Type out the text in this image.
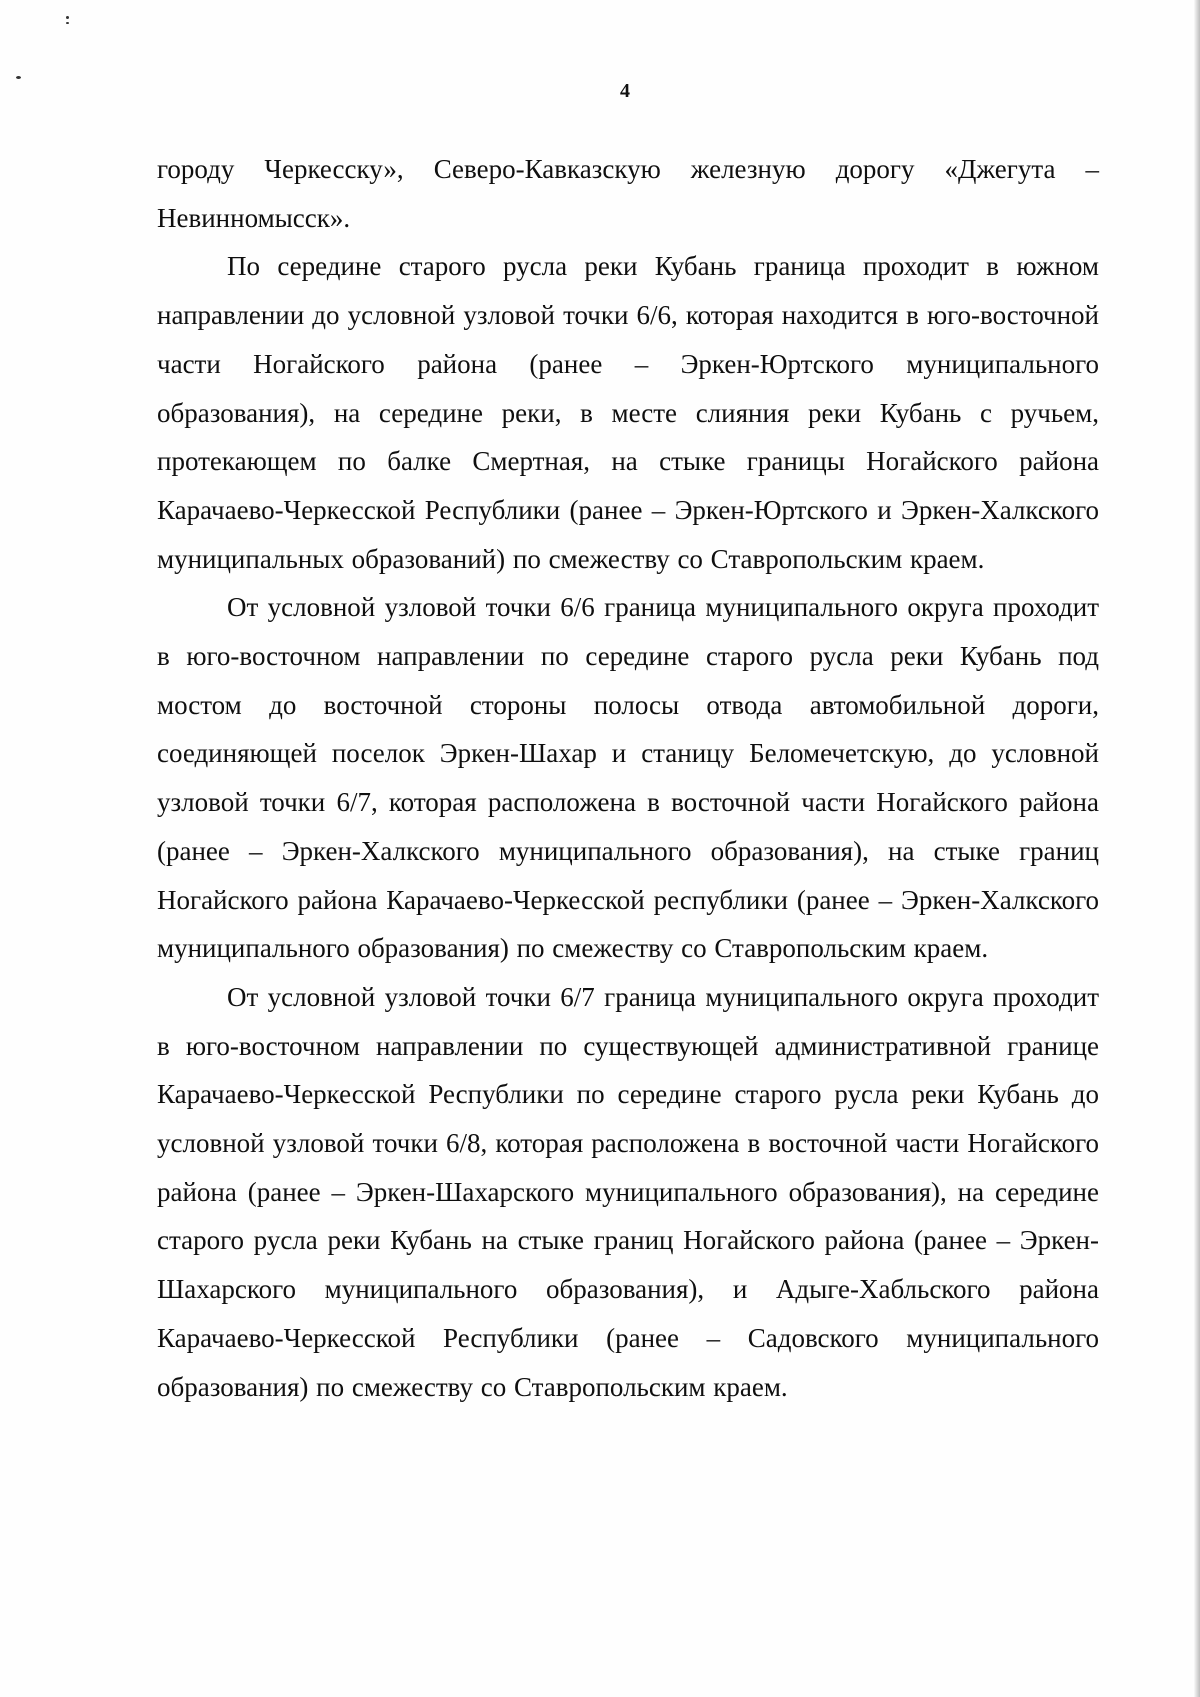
4

городу Черкесску», Северо-Кавказскую железную дорогу «Джегута – Невинномысск».

По середине старого русла реки Кубань граница проходит в южном направлении до условной узловой точки 6/6, которая находится в юго-восточной части Ногайского района (ранее – Эркен-Юртского муниципального образования), на середине реки, в месте слияния реки Кубань с ручьем, протекающем по балке Смертная, на стыке границы Ногайского района Карачаево-Черкесской Республики (ранее – Эркен-Юртского и Эркен-Халкского муниципальных образований) по смежеству со Ставропольским краем.

От условной узловой точки 6/6 граница муниципального округа проходит в юго-восточном направлении по середине старого русла реки Кубань под мостом до восточной стороны полосы отвода автомобильной дороги, соединяющей поселок Эркен-Шахар и станицу Беломечетскую, до условной узловой точки 6/7, которая расположена в восточной части Ногайского района (ранее – Эркен-Халкского муниципального образования), на стыке границ Ногайского района Карачаево-Черкесской республики (ранее – Эркен-Халкского муниципального образования) по смежеству со Ставропольским краем.

От условной узловой точки 6/7 граница муниципального округа проходит в юго-восточном направлении по существующей административной границе Карачаево-Черкесской Республики по середине старого русла реки Кубань до условной узловой точки 6/8, которая расположена в восточной части Ногайского района (ранее – Эркен-Шахарского муниципального образования), на середине старого русла реки Кубань на стыке границ Ногайского района (ранее – Эркен-Шахарского муниципального образования), и Адыге-Хабльского района Карачаево-Черкесской Республики (ранее – Садовского муниципального образования) по смежеству со Ставропольским краем.
